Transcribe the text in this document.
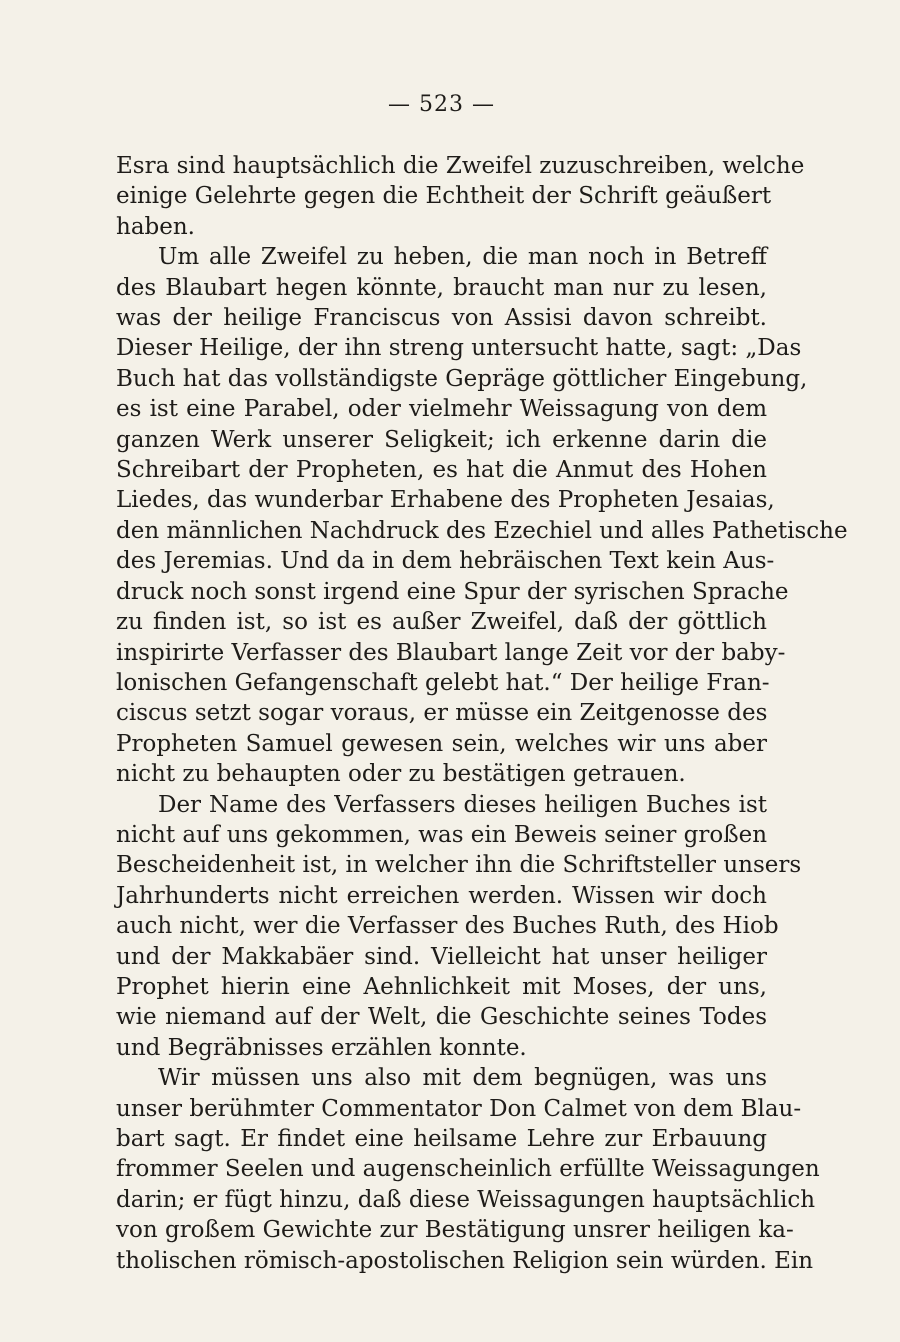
— 523 —
Esra sind hauptsächlich die Zweifel zuzuschreiben, welche
einige Gelehrte gegen die Echtheit der Schrift geäußert
haben.
Um alle Zweifel zu heben, die man noch in Betreff
des Blaubart hegen könnte, braucht man nur zu lesen,
was der heilige Franciscus von Assisi davon schreibt.
Dieser Heilige, der ihn streng untersucht hatte, sagt: „Das
Buch hat das vollständigste Gepräge göttlicher Eingebung,
es ist eine Parabel, oder vielmehr Weissagung von dem
ganzen Werk unserer Seligkeit; ich erkenne darin die
Schreibart der Propheten, es hat die Anmut des Hohen
Liedes, das wunderbar Erhabene des Propheten Jesaias,
den männlichen Nachdruck des Ezechiel und alles Pathetische
des Jeremias. Und da in dem hebräischen Text kein Aus-
druck noch sonst irgend eine Spur der syrischen Sprache
zu finden ist, so ist es außer Zweifel, daß der göttlich
inspirirte Verfasser des Blaubart lange Zeit vor der baby-
lonischen Gefangenschaft gelebt hat.“ Der heilige Fran-
ciscus setzt sogar voraus, er müsse ein Zeitgenosse des
Propheten Samuel gewesen sein, welches wir uns aber
nicht zu behaupten oder zu bestätigen getrauen.
Der Name des Verfassers dieses heiligen Buches ist
nicht auf uns gekommen, was ein Beweis seiner großen
Bescheidenheit ist, in welcher ihn die Schriftsteller unsers
Jahrhunderts nicht erreichen werden. Wissen wir doch
auch nicht, wer die Verfasser des Buches Ruth, des Hiob
und der Makkabäer sind. Vielleicht hat unser heiliger
Prophet hierin eine Aehnlichkeit mit Moses, der uns,
wie niemand auf der Welt, die Geschichte seines Todes
und Begräbnisses erzählen konnte.
Wir müssen uns also mit dem begnügen, was uns
unser berühmter Commentator Don Calmet von dem Blau-
bart sagt. Er findet eine heilsame Lehre zur Erbauung
frommer Seelen und augenscheinlich erfüllte Weissagungen
darin; er fügt hinzu, daß diese Weissagungen hauptsächlich
von großem Gewichte zur Bestätigung unsrer heiligen ka-
tholischen römisch-apostolischen Religion sein würden. Ein
